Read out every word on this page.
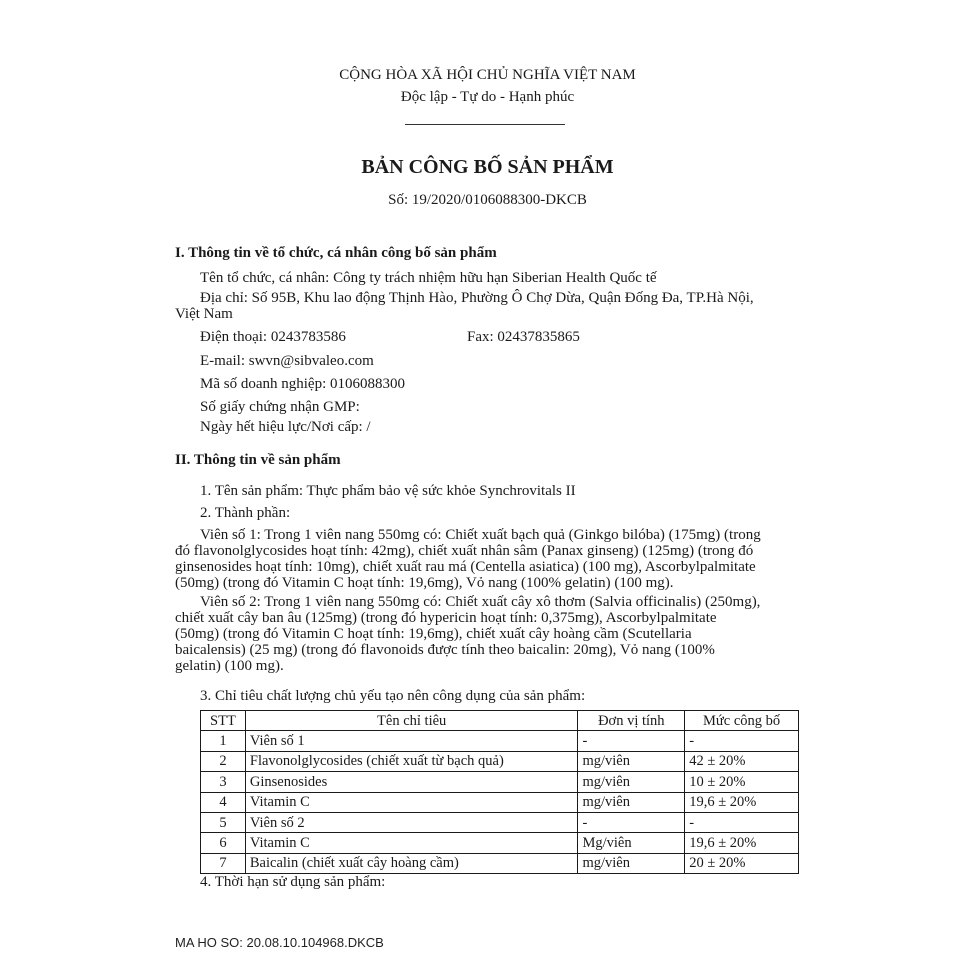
CỘNG HÒA XÃ HỘI CHỦ NGHĨA VIỆT NAM
Độc lập - Tự do - Hạnh phúc
BẢN CÔNG BỐ SẢN PHẨM
Số: 19/2020/0106088300-DKCB
I. Thông tin về tổ chức, cá nhân công bố sản phẩm
Tên tổ chức, cá nhân: Công ty trách nhiệm hữu hạn Siberian Health Quốc tế
Địa chỉ: Số 95B, Khu lao động Thịnh Hào, Phường Ô Chợ Dừa, Quận Đống Đa, TP.Hà Nội,
Việt Nam
Điện thoại: 0243783586	Fax: 02437835865
E-mail: swvn@sibvaleo.com
Mã số doanh nghiệp: 0106088300
Số giấy chứng nhận GMP:
Ngày hết hiệu lực/Nơi cấp: /
II. Thông tin về sản phẩm
1. Tên sản phẩm: Thực phẩm bảo vệ sức khỏe Synchrovitals II
2. Thành phần:
Viên số 1: Trong 1 viên nang 550mg có: Chiết xuất bạch quả (Ginkgo bilóba) (175mg) (trong
đó flavonolglycosides hoạt tính: 42mg), chiết xuất nhân sâm (Panax ginseng) (125mg) (trong đó
ginsenosides hoạt tính: 10mg), chiết xuất rau má (Centella asiatica) (100 mg), Ascorbylpalmitate
(50mg) (trong đó Vitamin C hoạt tính: 19,6mg), Vỏ nang (100% gelatin) (100 mg).
Viên số 2: Trong 1 viên nang 550mg có: Chiết xuất cây xô thơm (Salvia officinalis) (250mg),
chiết xuất cây ban âu (125mg) (trong đó hypericin hoạt tính: 0,375mg), Ascorbylpalmitate
(50mg) (trong đó Vitamin C hoạt tính: 19,6mg), chiết xuất cây hoàng cầm (Scutellaria
baicalensis) (25 mg) (trong đó flavonoids được tính theo baicalin: 20mg), Vỏ nang (100%
gelatin) (100 mg).
3. Chỉ tiêu chất lượng chủ yếu tạo nên công dụng của sản phẩm:
STT	Tên chỉ tiêu	Đơn vị tính	Mức công bố
1	Viên số 1	-	-
2	Flavonolglycosides (chiết xuất từ bạch quả)	mg/viên	42 ± 20%
3	Ginsenosides	mg/viên	10 ± 20%
4	Vitamin C	mg/viên	19,6 ± 20%
5	Viên số 2	-	-
6	Vitamin C	Mg/viên	19,6 ± 20%
7	Baicalin (chiết xuất cây hoàng cầm)	mg/viên	20 ± 20%
4. Thời hạn sử dụng sản phẩm:
MA HO SO: 20.08.10.104968.DKCB
